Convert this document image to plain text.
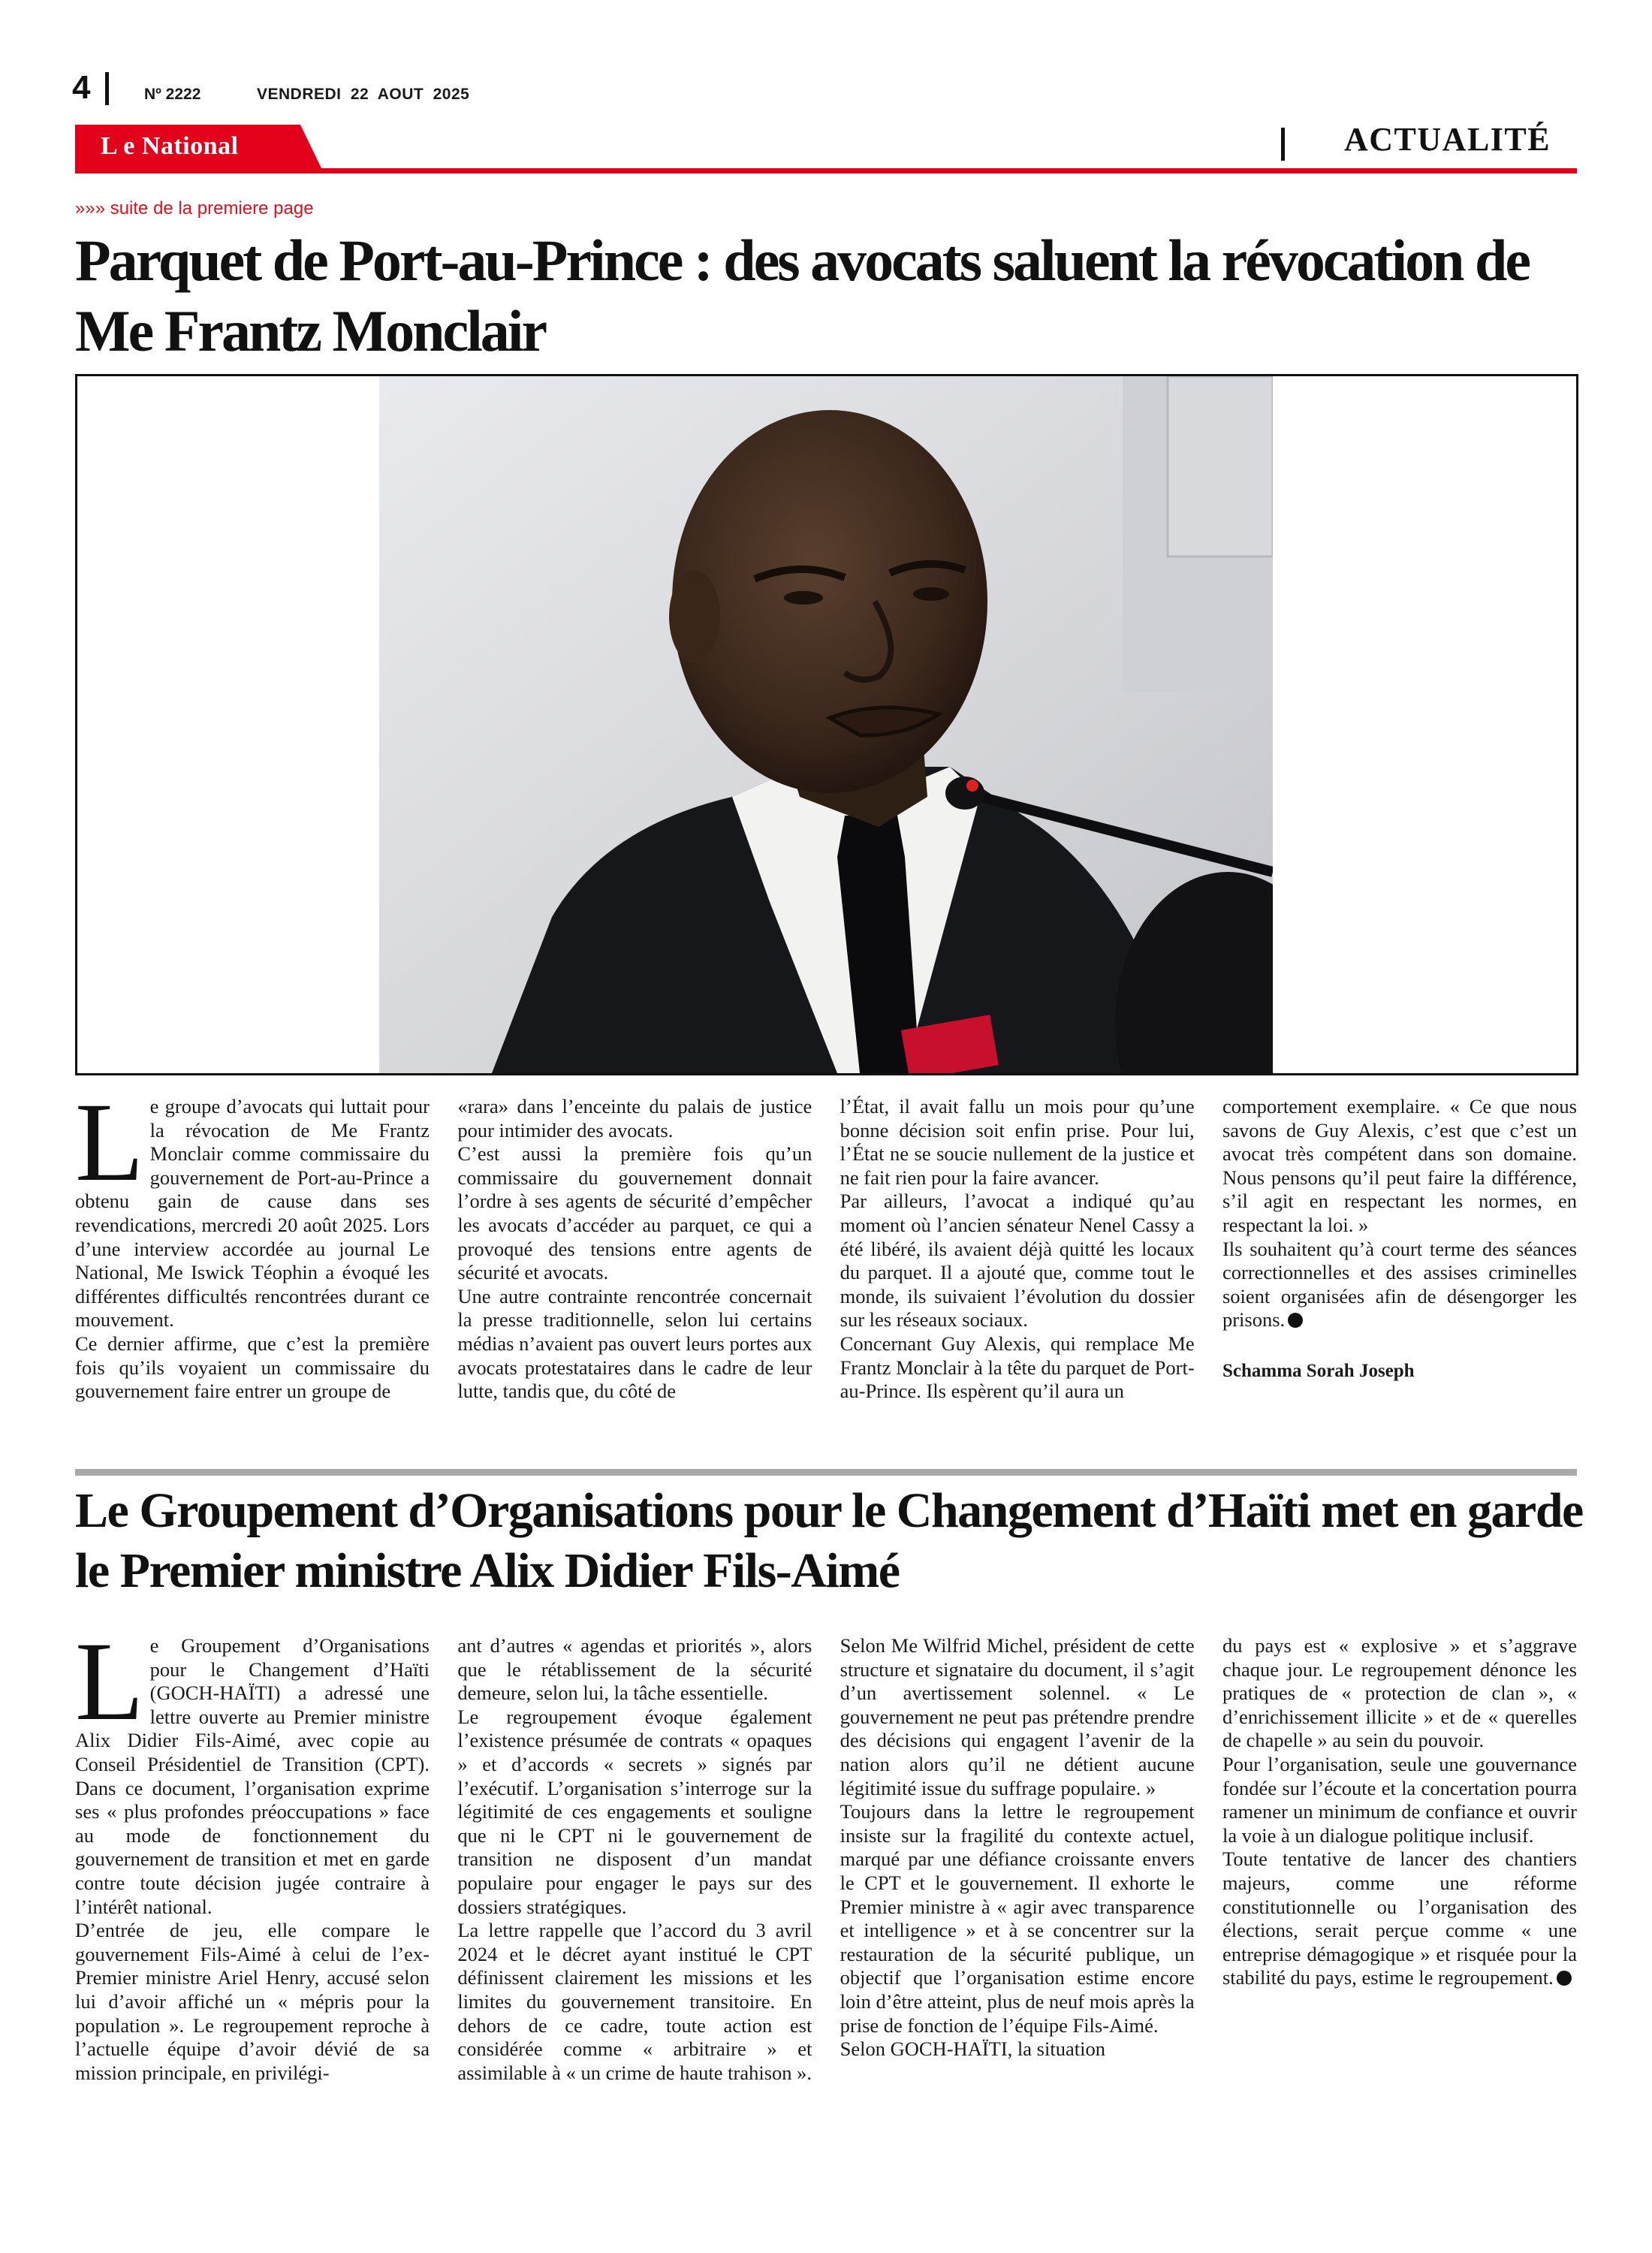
4	Nº 2222	VENDREDI 22 AOUT 2025
L e National	ACTUALITÉ
»»» suite de la premiere page
Parquet de Port-au-Prince : des avocats saluent la révocation de Me Frantz Monclair
L e groupe d’avocats qui luttait pour la révocation de Me Frantz Monclair comme commissaire du gouvernement de Port-au-Prince a obtenu gain de cause dans ses revendications, mercredi 20 août 2025. Lors d’une interview accordée au journal Le National, Me Iswick Téophin a évoqué les différentes difficultés rencontrées durant ce mouvement.

Ce dernier affirme, que c’est la première fois qu’ils voyaient un commissaire du gouvernement faire entrer un groupe de

«rara» dans l’enceinte du palais de justice pour intimider des avocats.

C’est aussi la première fois qu’un commissaire du gouvernement donnait l’ordre à ses agents de sécurité d’empêcher les avocats d’accéder au parquet, ce qui a provoqué des tensions entre agents de sécurité et avocats.

Une autre contrainte rencontrée concernait la presse traditionnelle, selon lui certains médias n’avaient pas ouvert leurs portes aux avocats protestataires dans le cadre de leur lutte, tandis que, du côté de

l’État, il avait fallu un mois pour qu’une bonne décision soit enfin prise. Pour lui, l’État ne se soucie nullement de la justice et ne fait rien pour la faire avancer.

Par ailleurs, l’avocat a indiqué qu’au moment où l’ancien sénateur Nenel Cassy a été libéré, ils avaient déjà quitté les locaux du parquet. Il a ajouté que, comme tout le monde, ils suivaient l’évolution du dossier sur les réseaux sociaux.

Concernant Guy Alexis, qui remplace Me Frantz Monclair à la tête du parquet de Port-au-Prince. Ils espèrent qu’il aura un

comportement exemplaire. « Ce que nous savons de Guy Alexis, c’est que c’est un avocat très compétent dans son domaine. Nous pensons qu’il peut faire la différence, s’il agit en respectant les normes, en respectant la loi. »

Ils souhaitent qu’à court terme des séances correctionnelles et des assises criminelles soient organisées afin de désengorger les prisons.

Schamma Sorah Joseph

Le Groupement d’Organisations pour le Changement d’Haïti met en garde le Premier ministre Alix Didier Fils-Aimé
L e Groupement d’Organisations pour le Changement d’Haïti (GOCH-HAÏTI) a adressé une lettre ouverte au Premier ministre Alix Didier Fils-Aimé, avec copie au Conseil Présidentiel de Transition (CPT). Dans ce document, l’organisation exprime ses « plus profondes préoccupations » face au mode de fonctionnement du gouvernement de transition et met en garde contre toute décision jugée contraire à l’intérêt national.

D’entrée de jeu, elle compare le gouvernement Fils-Aimé à celui de l’ex-Premier ministre Ariel Henry, accusé selon lui d’avoir affiché un « mépris pour la population ». Le regroupement reproche à l’actuelle équipe d’avoir dévié de sa mission principale, en privilégi-

ant d’autres « agendas et priorités », alors que le rétablissement de la sécurité demeure, selon lui, la tâche essentielle.

Le regroupement évoque également l’existence présumée de contrats « opaques » et d’accords « secrets » signés par l’exécutif. L’organisation s’interroge sur la légitimité de ces engagements et souligne que ni le CPT ni le gouvernement de transition ne disposent d’un mandat populaire pour engager le pays sur des dossiers stratégiques.

La lettre rappelle que l’accord du 3 avril 2024 et le décret ayant institué le CPT définissent clairement les missions et les limites du gouvernement transitoire. En dehors de ce cadre, toute action est considérée comme « arbitraire » et assimilable à « un crime de haute trahison ».

Selon Me Wilfrid Michel, président de cette structure et signataire du document, il s’agit d’un avertissement solennel. « Le gouvernement ne peut pas prétendre prendre des décisions qui engagent l’avenir de la nation alors qu’il ne détient aucune légitimité issue du suffrage populaire. »

Toujours dans la lettre le regroupement insiste sur la fragilité du contexte actuel, marqué par une défiance croissante envers le CPT et le gouvernement. Il exhorte le Premier ministre à « agir avec transparence et intelligence » et à se concentrer sur la restauration de la sécurité publique, un objectif que l’organisation estime encore loin d’être atteint, plus de neuf mois après la prise de fonction de l’équipe Fils-Aimé.

Selon GOCH-HAÏTI, la situation

du pays est « explosive » et s’aggrave chaque jour. Le regroupement dénonce les pratiques de « protection de clan », « d’enrichissement illicite » et de « querelles de chapelle » au sein du pouvoir.

Pour l’organisation, seule une gouvernance fondée sur l’écoute et la concertation pourra ramener un minimum de confiance et ouvrir la voie à un dialogue politique inclusif.

Toute tentative de lancer des chantiers majeurs, comme une réforme constitutionnelle ou l’organisation des élections, serait perçue comme « une entreprise démagogique » et risquée pour la stabilité du pays, estime le regroupement.
